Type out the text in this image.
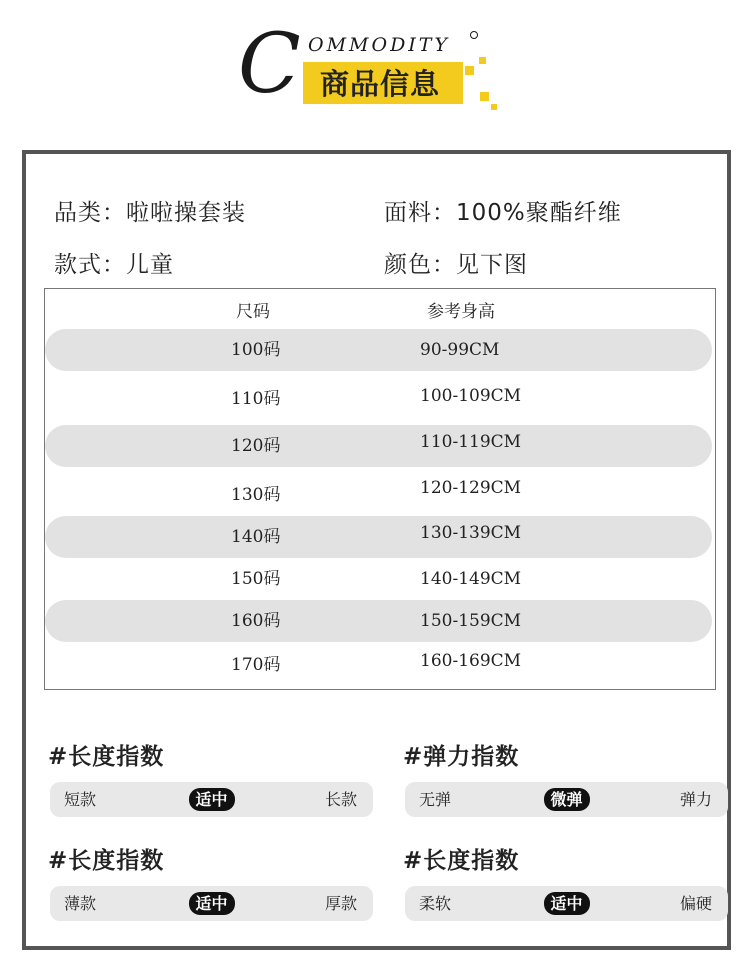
C OMMODITY
商品信息
品类：啦啦操套装	面料：100%聚酯纤维
款式：儿童	颜色：见下图
尺码	参考身高
100码	90-99CM
110码	100-109CM
120码	110-119CM
130码	120-129CM
140码	130-139CM
150码	140-149CM
160码	150-159CM
170码	160-169CM
#长度指数
短款	适中	长款
#弹力指数
无弹	微弹	弹力
#长度指数
薄款	适中	厚款
#长度指数
柔软	适中	偏硬
